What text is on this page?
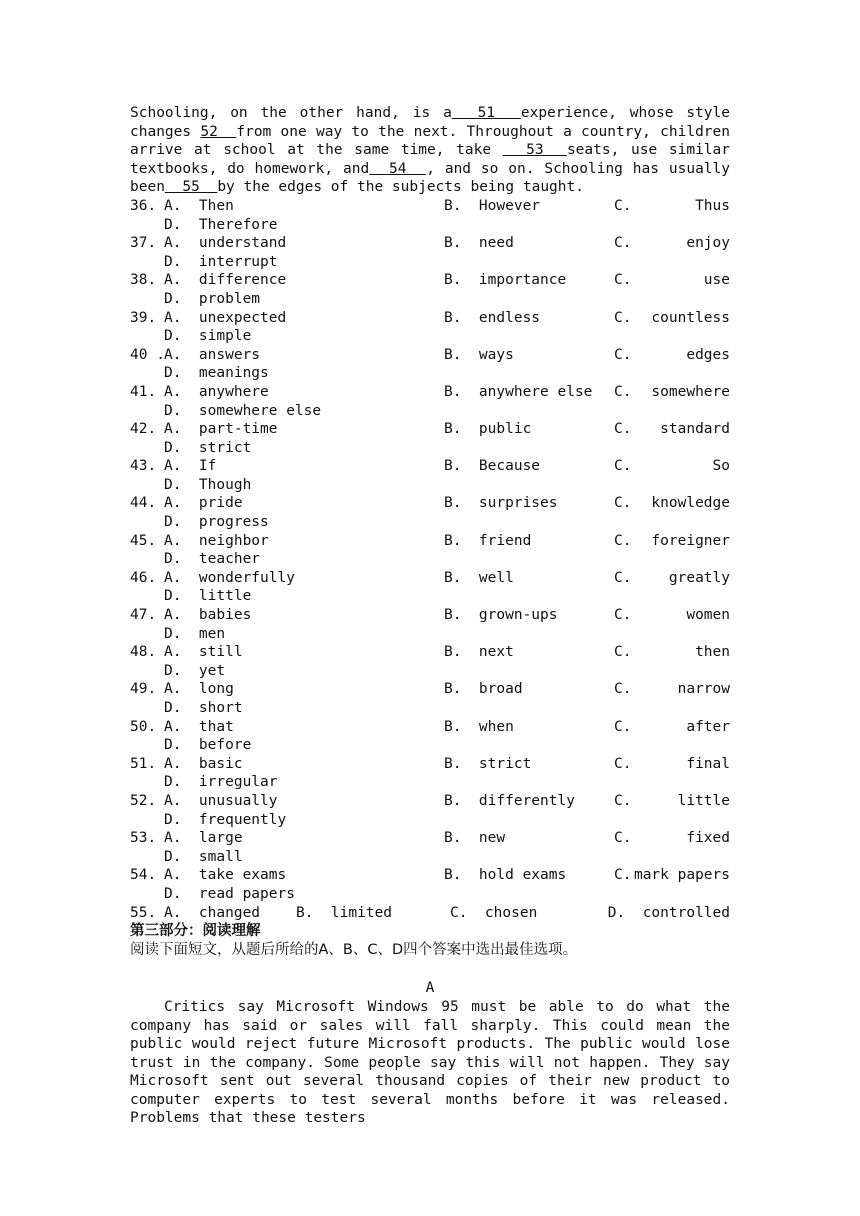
Schooling, on the other hand, is a  51  experience, whose style changes 52  from one way to the next. Throughout a country, children arrive at school at the same time, take   53  seats, use similar textbooks, do homework, and  54  , and so on. Schooling has usually been  55  by the edges of the subjects being taught.

36. A.  Then	B.  However	C.	Thus
D.  Therefore
37. A.  understand	B.  need	C.	enjoy
D.  interrupt
38. A.  difference	B.  importance	C.	use
D.  problem
39. A.  unexpected	B.  endless	C. countless
D.  simple
40 . A.  answers	B.  ways	C.	edges
D.  meanings
41. A.  anywhere	B.  anywhere else C. somewhere
D.  somewhere else
42. A.  part-time	B.  public	C. standard
D.  strict
43. A.  If	B.  Because	C.	So
D.  Though
44. A.  pride	B.  surprises	C. knowledge
D.  progress
45. A.  neighbor	B.  friend	C. foreigner
D.  teacher
46. A.  wonderfully	B.  well	C.	greatly
D.  little
47. A.  babies	B.  grown-ups	C.	women
D.  men
48. A.  still	B.  next	C.	then
D.  yet
49. A.  long	B.  broad	C.	narrow
D.  short
50. A.  that	B.  when	C.	after
D.  before
51. A.  basic	B.  strict	C.	final
D.  irregular
52. A.  unusually	B.  differently	C.	little
D.  frequently
53. A.  large	B.  new	C.	fixed
D.  small
54. A.  take exams	B.  hold exams	C. mark papers
D.  read papers
55. A.  changed B.  limited	C.  chosen	D.  controlled
第三部分：阅读理解
阅读下面短文，从题后所给的A、B、C、D四个答案中选出最佳选项。
A

Critics say Microsoft Windows 95 must be able to do what the company has said or sales will fall sharply. This could mean the public would reject future Microsoft products. The public would lose trust in the company. Some people say this will not happen. They say Microsoft sent out several thousand copies of their new product to computer experts to test several months before it was released. Problems that these testers
